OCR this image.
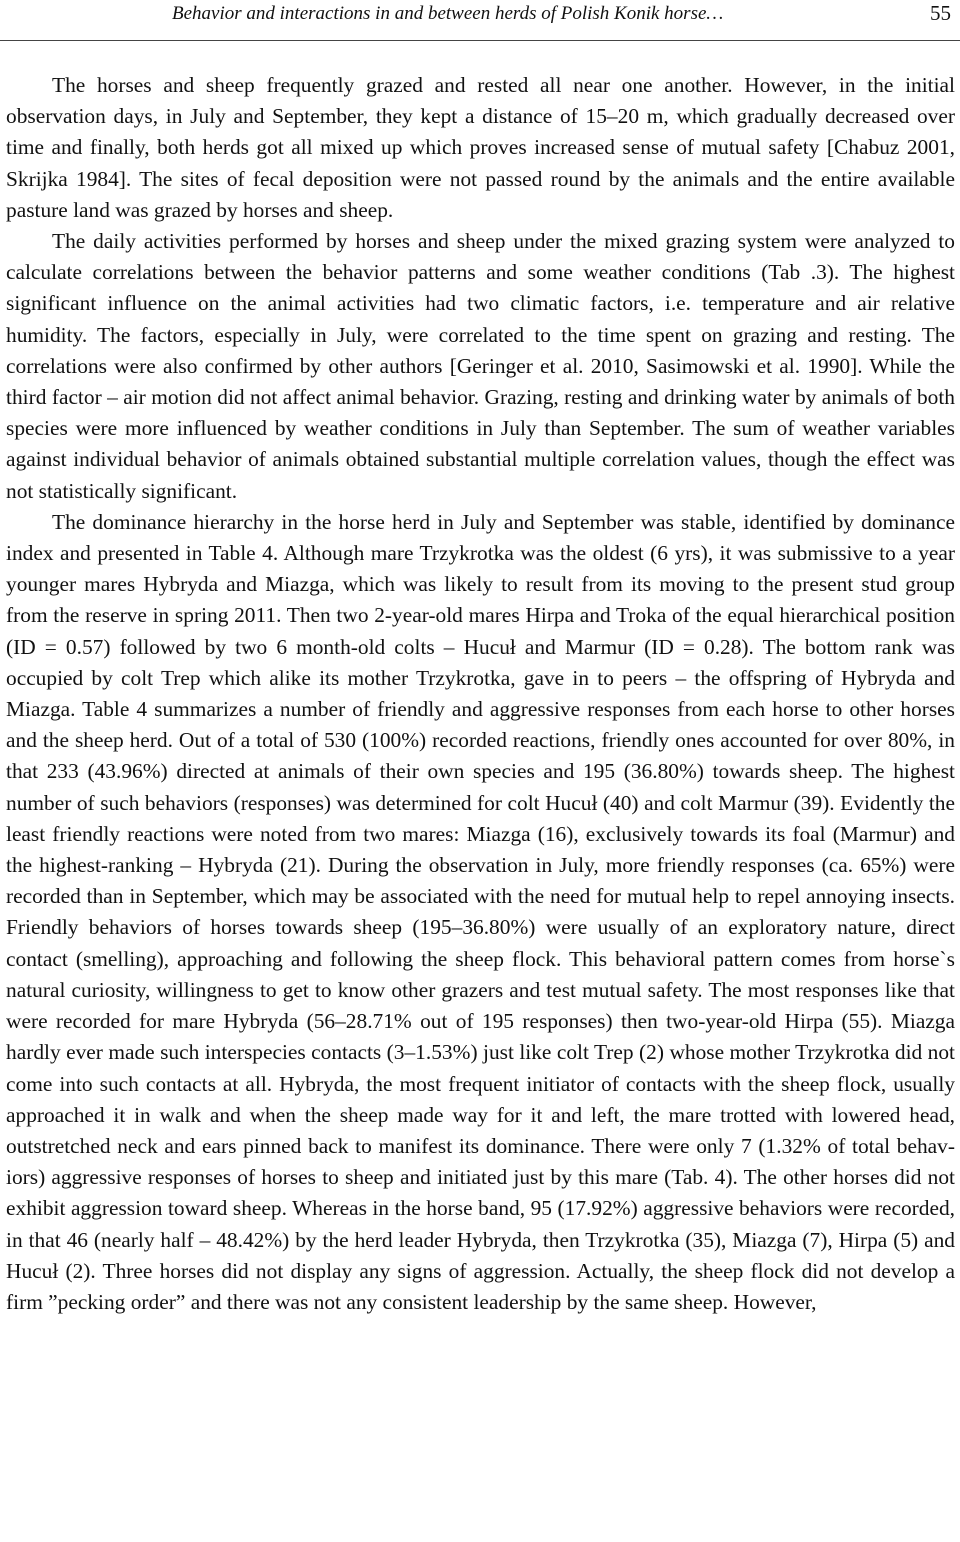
Behavior and interactions in and between herds of Polish Konik horse…	55

The horses and sheep frequently grazed and rested all near one another. However, in the initial observation days, in July and September, they kept a distance of 15–20 m, which gradually decreased over time and finally, both herds got all mixed up which proves increased sense of mutual safety [Chabuz 2001, Skrijka 1984]. The sites of fecal deposition were not passed round by the animals and the entire available pasture land was grazed by horses and sheep.

The daily activities performed by horses and sheep under the mixed grazing system were analyzed to calculate correlations between the behavior patterns and some weather conditions (Tab .3). The highest significant influence on the animal activities had two climatic factors, i.e. temperature and air relative humidity. The factors, especially in July, were correlated to the time spent on grazing and resting. The correlations were also confirmed by other authors [Geringer et al. 2010, Sasimowski et al. 1990]. While the third factor – air motion did not affect animal behavior. Grazing, resting and drinking water by animals of both species were more influenced by weather conditions in July than September. The sum of weather variables against individual behavior of animals obtained substantial multiple correlation values, though the effect was not statistically significant.

The dominance hierarchy in the horse herd in July and September was stable, identified by dominance index and presented in Table 4. Although mare Trzykrotka was the oldest (6 yrs), it was submissive to a year younger mares Hybryda and Miazga, which was likely to result from its moving to the present stud group from the reserve in spring 2011. Then two 2-year-old mares Hirpa and Troka of the equal hierarchical position (ID = 0.57) followed by two 6 month-old colts – Hucuł and Marmur (ID = 0.28). The bottom rank was occupied by colt Trep which alike its mother Trzykrotka, gave in to peers – the offspring of Hybryda and Miazga. Table 4 summarizes a number of friendly and aggressive responses from each horse to other horses and the sheep herd. Out of a total of 530 (100%) recorded reactions, friendly ones accounted for over 80%, in that 233 (43.96%) directed at animals of their own species and 195 (36.80%) towards sheep. The highest number of such behaviors (responses) was determined for colt Hucuł (40) and colt Marmur (39). Evidently the least friendly reactions were noted from two mares: Miazga (16), exclusively towards its foal (Marmur) and the highest-ranking – Hybryda (21). During the observation in July, more friendly responses (ca. 65%) were recorded than in September, which may be associated with the need for mutual help to repel annoying insects. Friendly behaviors of horses towards sheep (195–36.80%) were usually of an exploratory nature, direct contact (smelling), approaching and following the sheep flock. This behavioral pattern comes from horse`s natural curiosity, willingness to get to know other grazers and test mutual safety. The most responses like that were recorded for mare Hybryda (56–28.71% out of 195 responses) then two-year-old Hirpa (55). Miazga hardly ever made such interspecies contacts (3–1.53%) just like colt Trep (2) whose mother Trzykrotka did not come into such contacts at all. Hybryda, the most frequent initiator of contacts with the sheep flock, usually approached it in walk and when the sheep made way for it and left, the mare trotted with lowered head, outstretched neck and ears pinned back to manifest its dominance. There were only 7 (1.32% of total behaviors) aggressive responses of horses to sheep and initiated just by this mare (Tab. 4). The other horses did not exhibit aggression toward sheep. Whereas in the horse band, 95 (17.92%) aggressive behaviors were recorded, in that 46 (nearly half – 48.42%) by the herd leader Hybryda, then Trzykrotka (35), Miazga (7), Hirpa (5) and Hucuł (2). Three horses did not display any signs of aggression. Actually, the sheep flock did not develop a firm ”pecking order” and there was not any consistent leadership by the same sheep. However,
